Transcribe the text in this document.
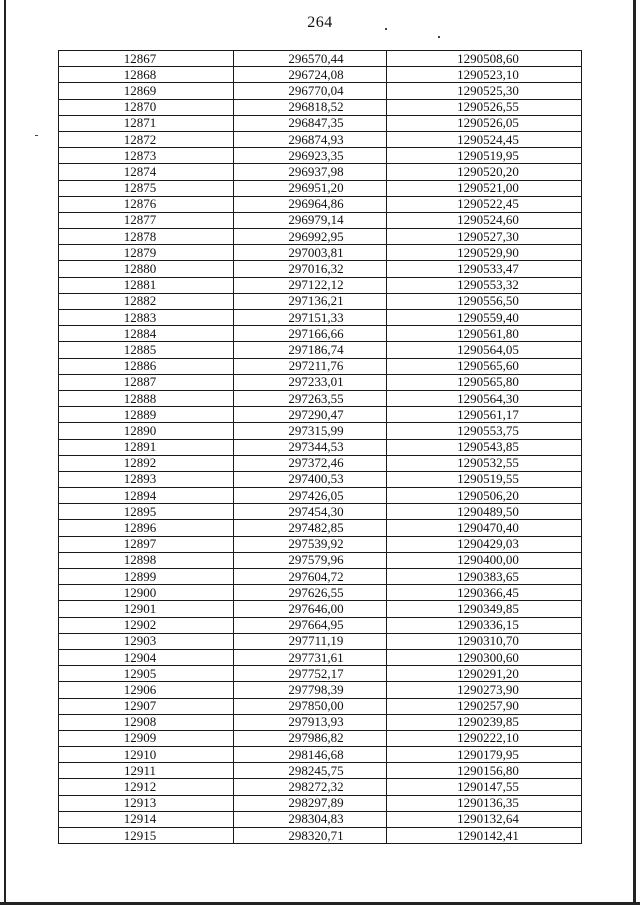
264
12867	296570,44	1290508,60
12868	296724,08	1290523,10
12869	296770,04	1290525,30
12870	296818,52	1290526,55
12871	296847,35	1290526,05
12872	296874,93	1290524,45
12873	296923,35	1290519,95
12874	296937,98	1290520,20
12875	296951,20	1290521,00
12876	296964,86	1290522,45
12877	296979,14	1290524,60
12878	296992,95	1290527,30
12879	297003,81	1290529,90
12880	297016,32	1290533,47
12881	297122,12	1290553,32
12882	297136,21	1290556,50
12883	297151,33	1290559,40
12884	297166,66	1290561,80
12885	297186,74	1290564,05
12886	297211,76	1290565,60
12887	297233,01	1290565,80
12888	297263,55	1290564,30
12889	297290,47	1290561,17
12890	297315,99	1290553,75
12891	297344,53	1290543,85
12892	297372,46	1290532,55
12893	297400,53	1290519,55
12894	297426,05	1290506,20
12895	297454,30	1290489,50
12896	297482,85	1290470,40
12897	297539,92	1290429,03
12898	297579,96	1290400,00
12899	297604,72	1290383,65
12900	297626,55	1290366,45
12901	297646,00	1290349,85
12902	297664,95	1290336,15
12903	297711,19	1290310,70
12904	297731,61	1290300,60
12905	297752,17	1290291,20
12906	297798,39	1290273,90
12907	297850,00	1290257,90
12908	297913,93	1290239,85
12909	297986,82	1290222,10
12910	298146,68	1290179,95
12911	298245,75	1290156,80
12912	298272,32	1290147,55
12913	298297,89	1290136,35
12914	298304,83	1290132,64
12915	298320,71	1290142,41
